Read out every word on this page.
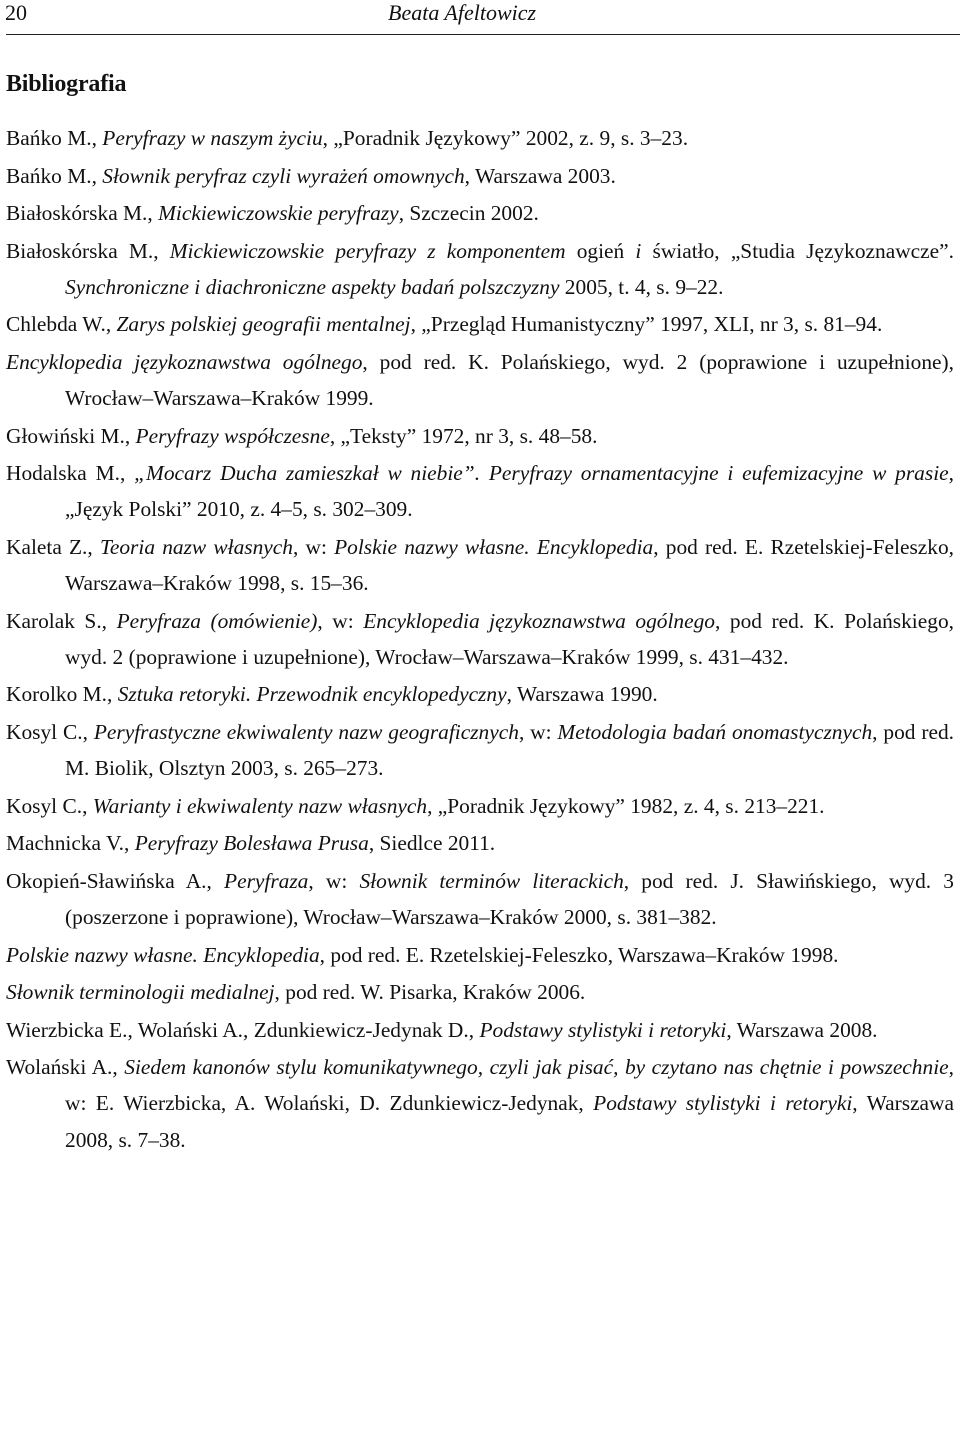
20	Beata Afeltowicz
Bibliografia
Bańko M., Peryfrazy w naszym życiu, „Poradnik Językowy” 2002, z. 9, s. 3–23.
Bańko M., Słownik peryfraz czyli wyrażeń omownych, Warszawa 2003.
Białoskórska M., Mickiewiczowskie peryfrazy, Szczecin 2002.
Białoskórska M., Mickiewiczowskie peryfrazy z komponentem ogień i światło, „Studia Językoznawcze”. Synchroniczne i diachroniczne aspekty badań polszczyzny 2005, t. 4, s. 9–22.
Chlebda W., Zarys polskiej geografii mentalnej, „Przegląd Humanistyczny” 1997, XLI, nr 3, s. 81–94.
Encyklopedia językoznawstwa ogólnego, pod red. K. Polańskiego, wyd. 2 (poprawione i uzupełnione), Wrocław–Warszawa–Kraków 1999.
Głowiński M., Peryfrazy współczesne, „Teksty” 1972, nr 3, s. 48–58.
Hodalska M., „Mocarz Ducha zamieszkał w niebie”. Peryfrazy ornamentacyjne i eufemizacyjne w prasie, „Język Polski” 2010, z. 4–5, s. 302–309.
Kaleta Z., Teoria nazw własnych, w: Polskie nazwy własne. Encyklopedia, pod red. E. Rzetelskiej-Feleszko, Warszawa–Kraków 1998, s. 15–36.
Karolak S., Peryfraza (omówienie), w: Encyklopedia językoznawstwa ogólnego, pod red. K. Polańskiego, wyd. 2 (poprawione i uzupełnione), Wrocław–Warszawa–Kraków 1999, s. 431–432.
Korolko M., Sztuka retoryki. Przewodnik encyklopedyczny, Warszawa 1990.
Kosyl C., Peryfrastyczne ekwiwalenty nazw geograficznych, w: Metodologia badań onomastycznych, pod red. M. Biolik, Olsztyn 2003, s. 265–273.
Kosyl C., Warianty i ekwiwalenty nazw własnych, „Poradnik Językowy” 1982, z. 4, s. 213–221.
Machnicka V., Peryfrazy Bolesława Prusa, Siedlce 2011.
Okopień-Sławińska A., Peryfraza, w: Słownik terminów literackich, pod red. J. Sławińskiego, wyd. 3 (poszerzone i poprawione), Wrocław–Warszawa–Kraków 2000, s. 381–382.
Polskie nazwy własne. Encyklopedia, pod red. E. Rzetelskiej-Feleszko, Warszawa–Kraków 1998.
Słownik terminologii medialnej, pod red. W. Pisarka, Kraków 2006.
Wierzbicka E., Wolański A., Zdunkiewicz-Jedynak D., Podstawy stylistyki i retoryki, Warszawa 2008.
Wolański A., Siedem kanonów stylu komunikatywnego, czyli jak pisać, by czytano nas chętnie i powszechnie, w: E. Wierzbicka, A. Wolański, D. Zdunkiewicz-Jedynak, Podstawy stylistyki i retoryki, Warszawa 2008, s. 7–38.
